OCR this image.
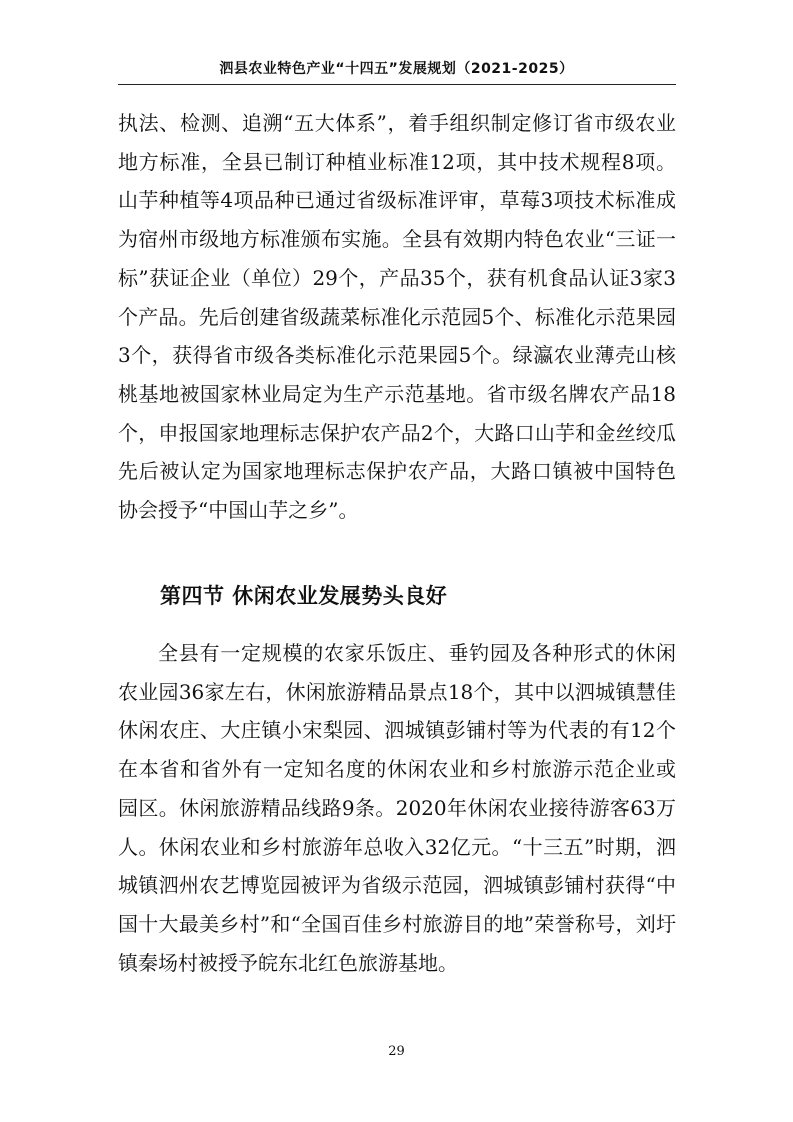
泗县农业特色产业“十四五”发展规划（2021-2025）

执法、检测、追溯“五大体系”，着手组织制定修订省市级农业地方标准，全县已制订种植业标准12项，其中技术规程8项。山芋种植等4项品种已通过省级标准评审，草莓3项技术标准成为宿州市级地方标准颁布实施。全县有效期内特色农业“三证一标”获证企业（单位）29个，产品35个，获有机食品认证3家3个产品。先后创建省级蔬菜标准化示范园5个、标准化示范果园3个，获得省市级各类标准化示范果园5个。绿瀛农业薄壳山核桃基地被国家林业局定为生产示范基地。省市级名牌农产品18个，申报国家地理标志保护农产品2个，大路口山芋和金丝绞瓜先后被认定为国家地理标志保护农产品，大路口镇被中国特色协会授予“中国山芋之乡”。

第四节 休闲农业发展势头良好

全县有一定规模的农家乐饭庄、垂钓园及各种形式的休闲农业园36家左右，休闲旅游精品景点18个，其中以泗城镇慧佳休闲农庄、大庄镇小宋梨园、泗城镇彭铺村等为代表的有12个在本省和省外有一定知名度的休闲农业和乡村旅游示范企业或园区。休闲旅游精品线路9条。2020年休闲农业接待游客63万人。休闲农业和乡村旅游年总收入32亿元。“十三五”时期，泗城镇泗州农艺博览园被评为省级示范园，泗城镇彭铺村获得“中国十大最美乡村”和“全国百佳乡村旅游目的地”荣誉称号，刘圩镇秦场村被授予皖东北红色旅游基地。

29
